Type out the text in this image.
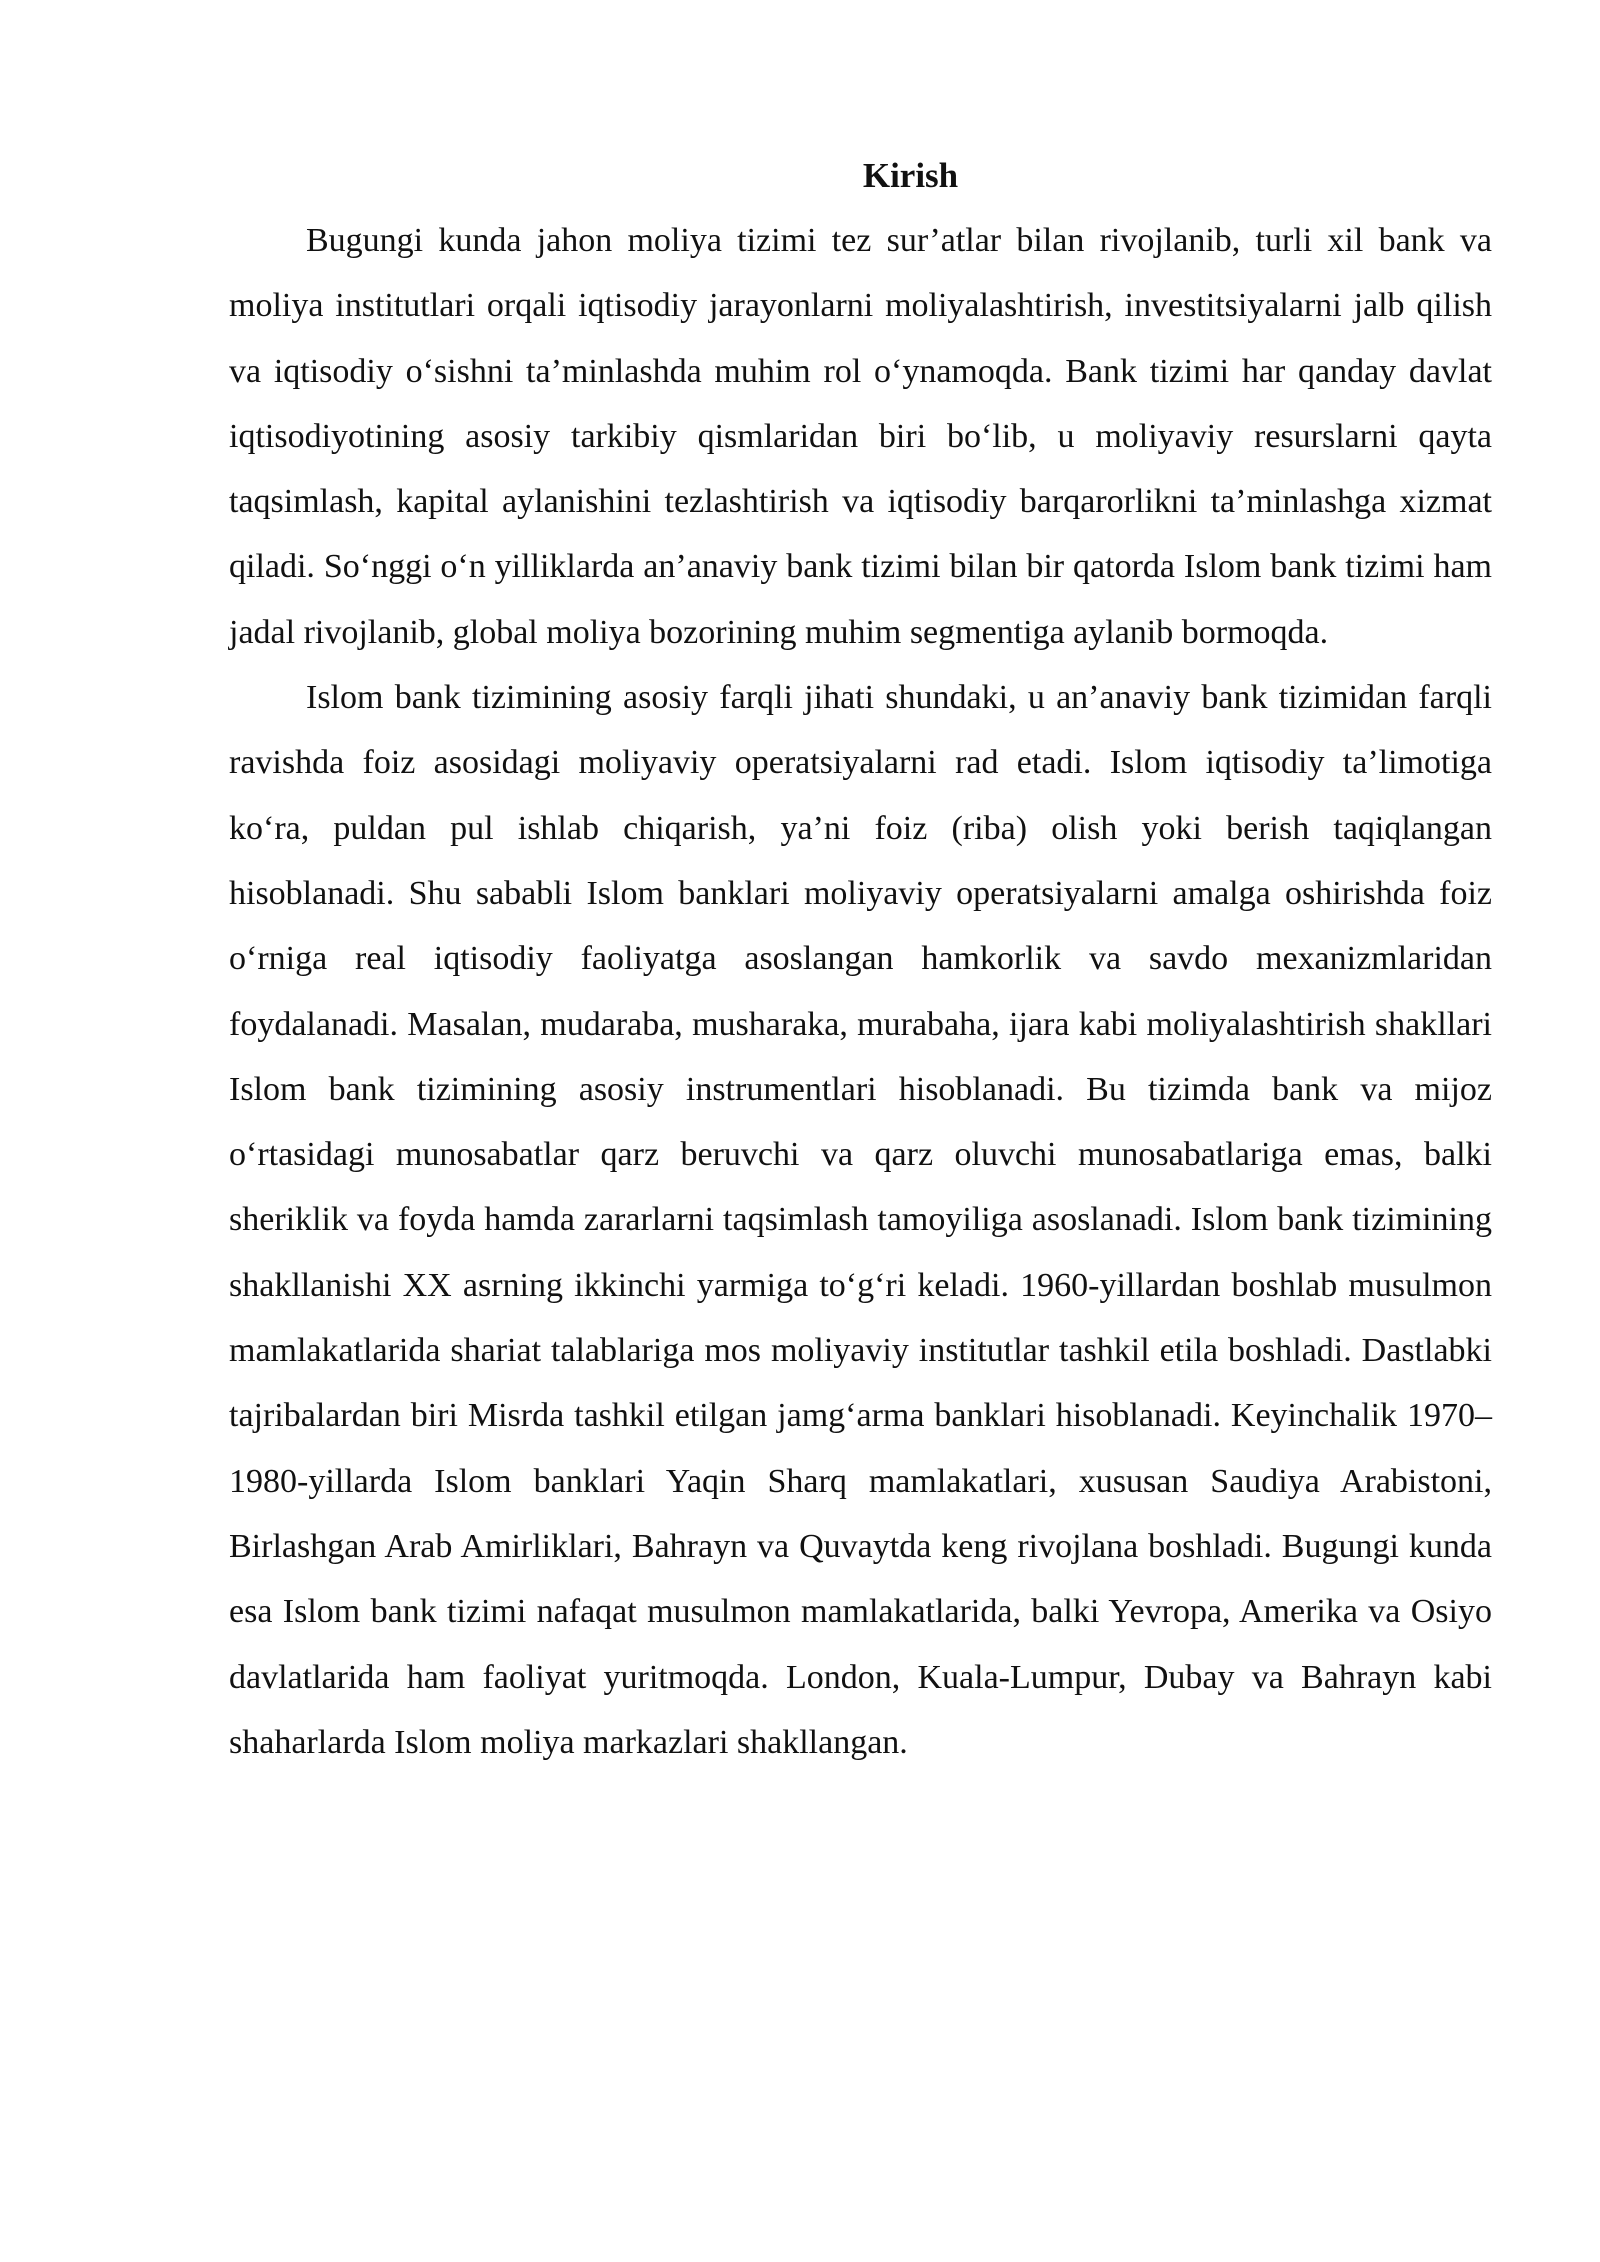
Kirish

Bugungi kunda jahon moliya tizimi tez sur’atlar bilan rivojlanib, turli xil bank va moliya institutlari orqali iqtisodiy jarayonlarni moliyalashtirish, investitsiyalarni jalb qilish va iqtisodiy o‘sishni ta’minlashda muhim rol o‘ynamoqda. Bank tizimi har qanday davlat iqtisodiyotining asosiy tarkibiy qismlaridan biri bo‘lib, u moliyaviy resurslarni qayta taqsimlash, kapital aylanishini tezlashtirish va iqtisodiy barqarorlikni ta’minlashga xizmat qiladi. So‘nggi o‘n yilliklarda an’anaviy bank tizimi bilan bir qatorda Islom bank tizimi ham jadal rivojlanib, global moliya bozorining muhim segmentiga aylanib bormoqda.

Islom bank tizimining asosiy farqli jihati shundaki, u an’anaviy bank tizimidan farqli ravishda foiz asosidagi moliyaviy operatsiyalarni rad etadi. Islom iqtisodiy ta’limotiga ko‘ra, puldan pul ishlab chiqarish, ya’ni foiz (riba) olish yoki berish taqiqlangan hisoblanadi. Shu sababli Islom banklari moliyaviy operatsiyalarni amalga oshirishda foiz o‘rniga real iqtisodiy faoliyatga asoslangan hamkorlik va savdo mexanizmlaridan foydalanadi. Masalan, mudaraba, musharaka, murabaha, ijara kabi moliyalashtirish shakllari Islom bank tizimining asosiy instrumentlari hisoblanadi. Bu tizimda bank va mijoz o‘rtasidagi munosabatlar qarz beruvchi va qarz oluvchi munosabatlariga emas, balki sheriklik va foyda hamda zararlarni taqsimlash tamoyiliga asoslanadi. Islom bank tizimining shakllanishi XX asrning ikkinchi yarmiga to‘g‘ri keladi. 1960-yillardan boshlab musulmon mamlakatlarida shariat talablariga mos moliyaviy institutlar tashkil etila boshladi. Dastlabki tajribalardan biri Misrda tashkil etilgan jamg‘arma banklari hisoblanadi. Keyinchalik 1970–1980-yillarda Islom banklari Yaqin Sharq mamlakatlari, xususan Saudiya Arabistoni, Birlashgan Arab Amirliklari, Bahrayn va Quvaytda keng rivojlana boshladi. Bugungi kunda esa Islom bank tizimi nafaqat musulmon mamlakatlarida, balki Yevropa, Amerika va Osiyo davlatlarida ham faoliyat yuritmoqda. London, Kuala-Lumpur, Dubay va Bahrayn kabi shaharlarda Islom moliya markazlari shakllangan.
